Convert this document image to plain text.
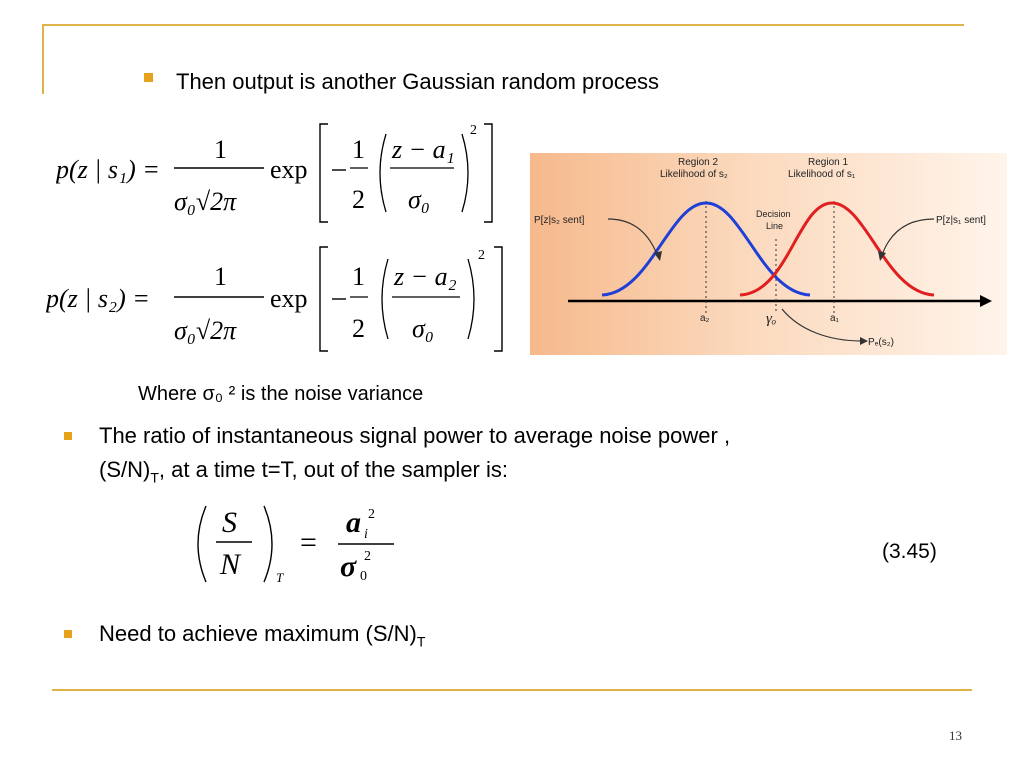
Then output is another Gaussian random process
p(z | s₁) =
1
σ₀√2π
exp
1
2
z − a₁
σ₀
2
p(z | s₂) =
1
σ₀√2π
exp
1
2
z − a₂
σ₀
2
Region 2
Likelihood of s₂
Region 1
Likelihood of s₁
Decision
Line
P[z|s₂ sent]	P[z|s₁ sent]
a₂	γₒ	a₁
Pₑ(s₂)
Where σ₀ ² is the noise variance
The ratio of instantaneous signal power to average noise power ,
$(S/N)_T$, at a time t=T, out of the sampler is:
S
N	T
=
a i
2
σ 0
2	(3.45)
Need to achieve maximum $(S/N)_T$
13
